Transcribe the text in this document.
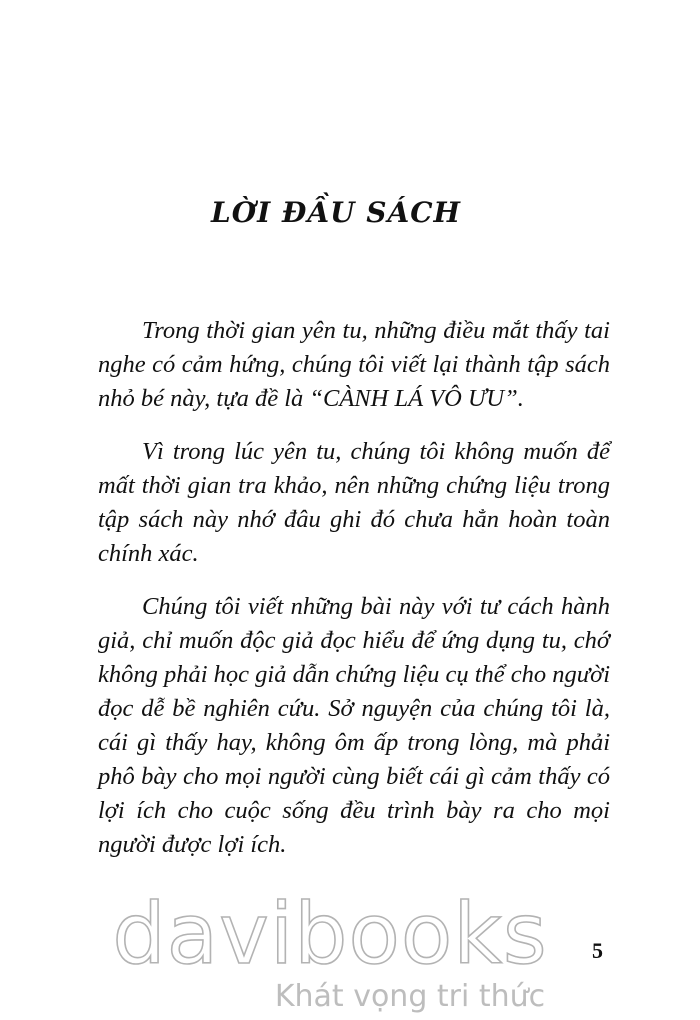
LỜI ĐẦU SÁCH

Trong thời gian yên tu, những điều mắt thấy tai nghe có cảm hứng, chúng tôi viết lại thành tập sách nhỏ bé này, tựa đề là “CÀNH LÁ VÔ ƯU”.

Vì trong lúc yên tu, chúng tôi không muốn để mất thời gian tra khảo, nên những chứng liệu trong tập sách này nhớ đâu ghi đó chưa hẳn hoàn toàn chính xác.

Chúng tôi viết những bài này với tư cách hành giả, chỉ muốn độc giả đọc hiểu để ứng dụng tu, chớ không phải học giả dẫn chứng liệu cụ thể cho người đọc dễ bề nghiên cứu. Sở nguyện của chúng tôi là, cái gì thấy hay, không ôm ấp trong lòng, mà phải phô bày cho mọi người cùng biết cái gì cảm thấy có lợi ích cho cuộc sống đều trình bày ra cho mọi người được lợi ích.

5
davibooks
Khát vọng tri thức
